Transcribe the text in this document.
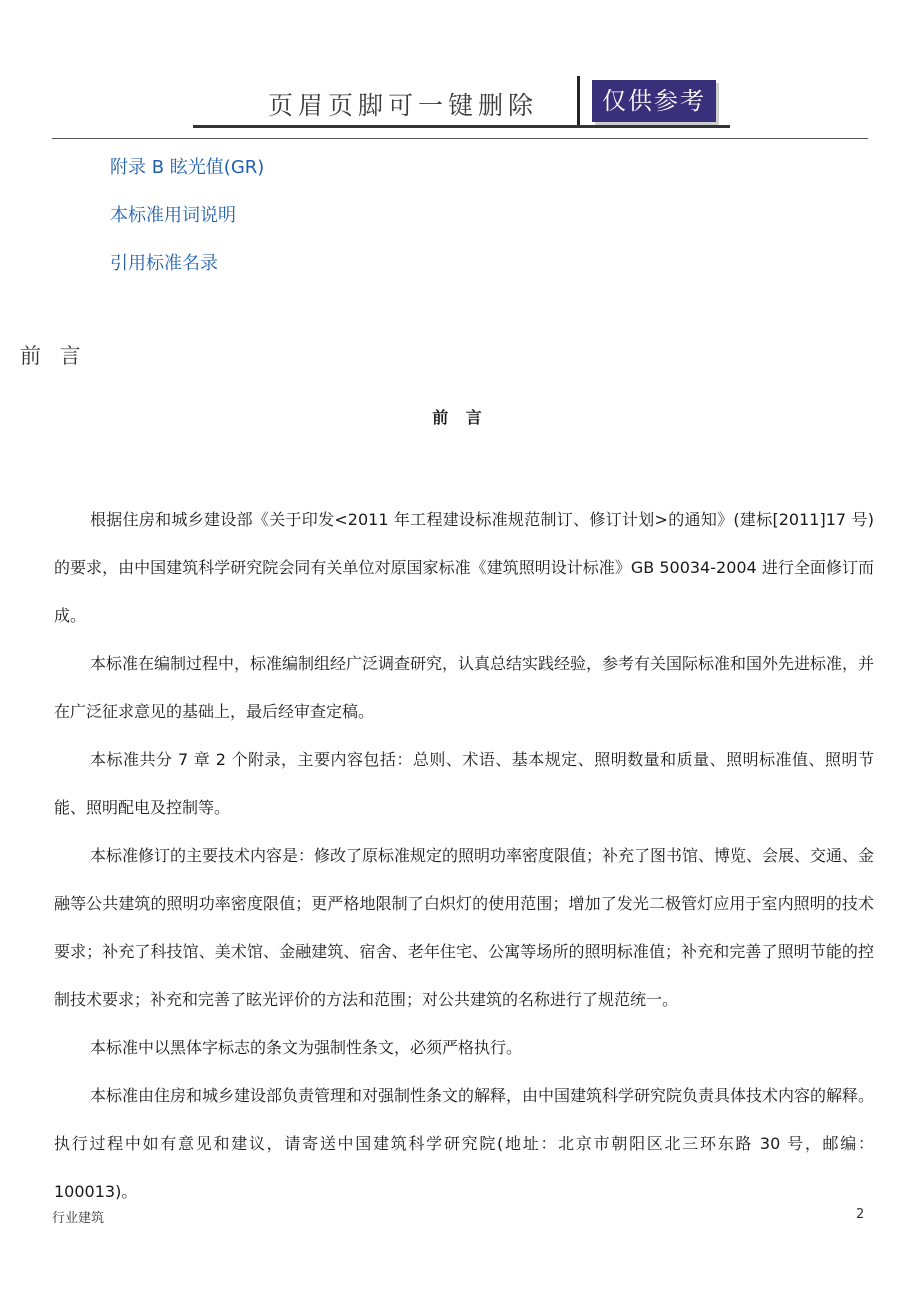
页眉页脚可一键删除	仅供参考
附录 B 眩光值(GR)
本标准用词说明
引用标准名录
前 言
前 言

根据住房和城乡建设部《关于印发<2011 年工程建设标准规范制订、修订计划>的通知》(建标[2011]17 号)的要求，由中国建筑科学研究院会同有关单位对原国家标准《建筑照明设计标准》GB 50034-2004 进行全面修订而成。

本标准在编制过程中，标准编制组经广泛调查研究，认真总结实践经验，参考有关国际标准和国外先进标准，并在广泛征求意见的基础上，最后经审查定稿。

本标准共分 7 章 2 个附录，主要内容包括：总则、术语、基本规定、照明数量和质量、照明标准值、照明节能、照明配电及控制等。

本标准修订的主要技术内容是：修改了原标准规定的照明功率密度限值；补充了图书馆、博览、会展、交通、金融等公共建筑的照明功率密度限值；更严格地限制了白炽灯的使用范围；增加了发光二极管灯应用于室内照明的技术要求；补充了科技馆、美术馆、金融建筑、宿舍、老年住宅、公寓等场所的照明标准值；补充和完善了照明节能的控制技术要求；补充和完善了眩光评价的方法和范围；对公共建筑的名称进行了规范统一。

本标准中以黑体字标志的条文为强制性条文，必须严格执行。

本标准由住房和城乡建设部负责管理和对强制性条文的解释，由中国建筑科学研究院负责具体技术内容的解释。执行过程中如有意见和建议，请寄送中国建筑科学研究院(地址：北京市朝阳区北三环东路 30 号，邮编：100013)。

行业建筑	2
